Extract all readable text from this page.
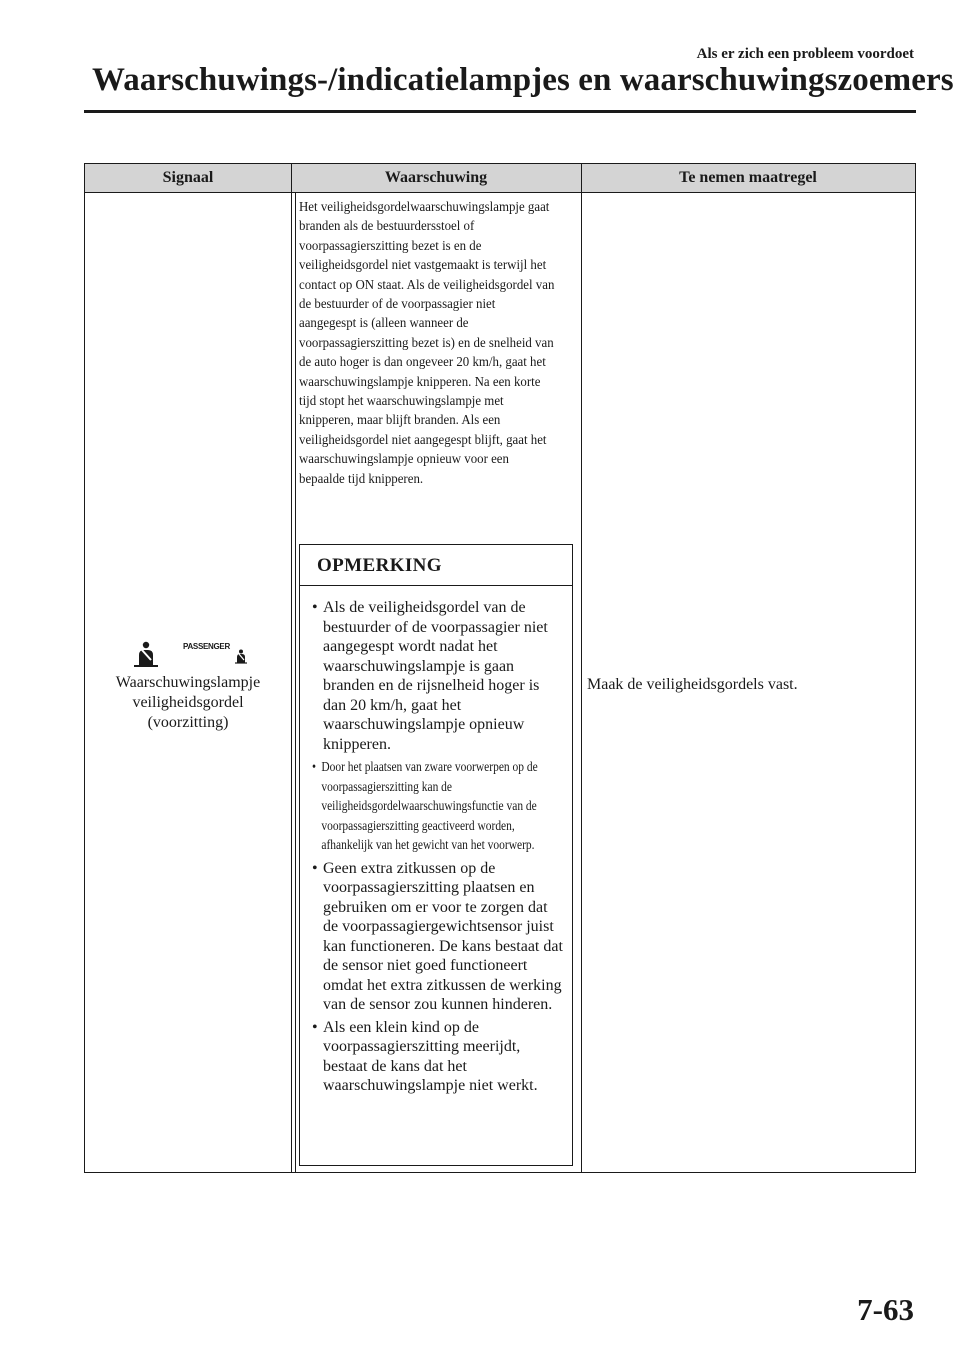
Als er zich een probleem voordoet
Waarschuwings-/indicatielampjes en waarschuwingszoemers
Signaal	Waarschuwing	Te nemen maatregel
PASSENGER
Waarschuwingslampje
veiligheidsgordel
(voorzitting)

Het veiligheidsgordelwaarschuwingslampje gaat branden als de bestuurdersstoel of voorpassagierszitting bezet is en de veiligheidsgordel niet vastgemaakt is terwijl het contact op ON staat. Als de veiligheidsgordel van de bestuurder of de voorpassagier niet aangegespt is (alleen wanneer de voorpassagierszitting bezet is) en de snelheid van de auto hoger is dan ongeveer 20 km/h, gaat het waarschuwingslampje knipperen. Na een korte tijd stopt het waarschuwingslampje met knipperen, maar blijft branden. Als een veiligheidsgordel niet aangegespt blijft, gaat het waarschuwingslampje opnieuw voor een bepaalde tijd knipperen.

OPMERKING
• Als de veiligheidsgordel van de bestuurder of de voorpassagier niet aangegespt wordt nadat het waarschuwingslampje is gaan branden en de rijsnelheid hoger is dan 20 km/h, gaat het waarschuwingslampje opnieuw knipperen.
• Door het plaatsen van zware voorwerpen op de voorpassagierszitting kan de veiligheidsgordelwaarschuwingsfunctie van de voorpassagierszitting geactiveerd worden, afhankelijk van het gewicht van het voorwerp.
• Geen extra zitkussen op de voorpassagierszitting plaatsen en gebruiken om er voor te zorgen dat de voorpassagiergewichtsensor juist kan functioneren. De kans bestaat dat de sensor niet goed functioneert omdat het extra zitkussen de werking van de sensor zou kunnen hinderen.
• Als een klein kind op de voorpassagierszitting meerijdt, bestaat de kans dat het waarschuwingslampje niet werkt.

Maak de veiligheidsgordels vast.

7-63
